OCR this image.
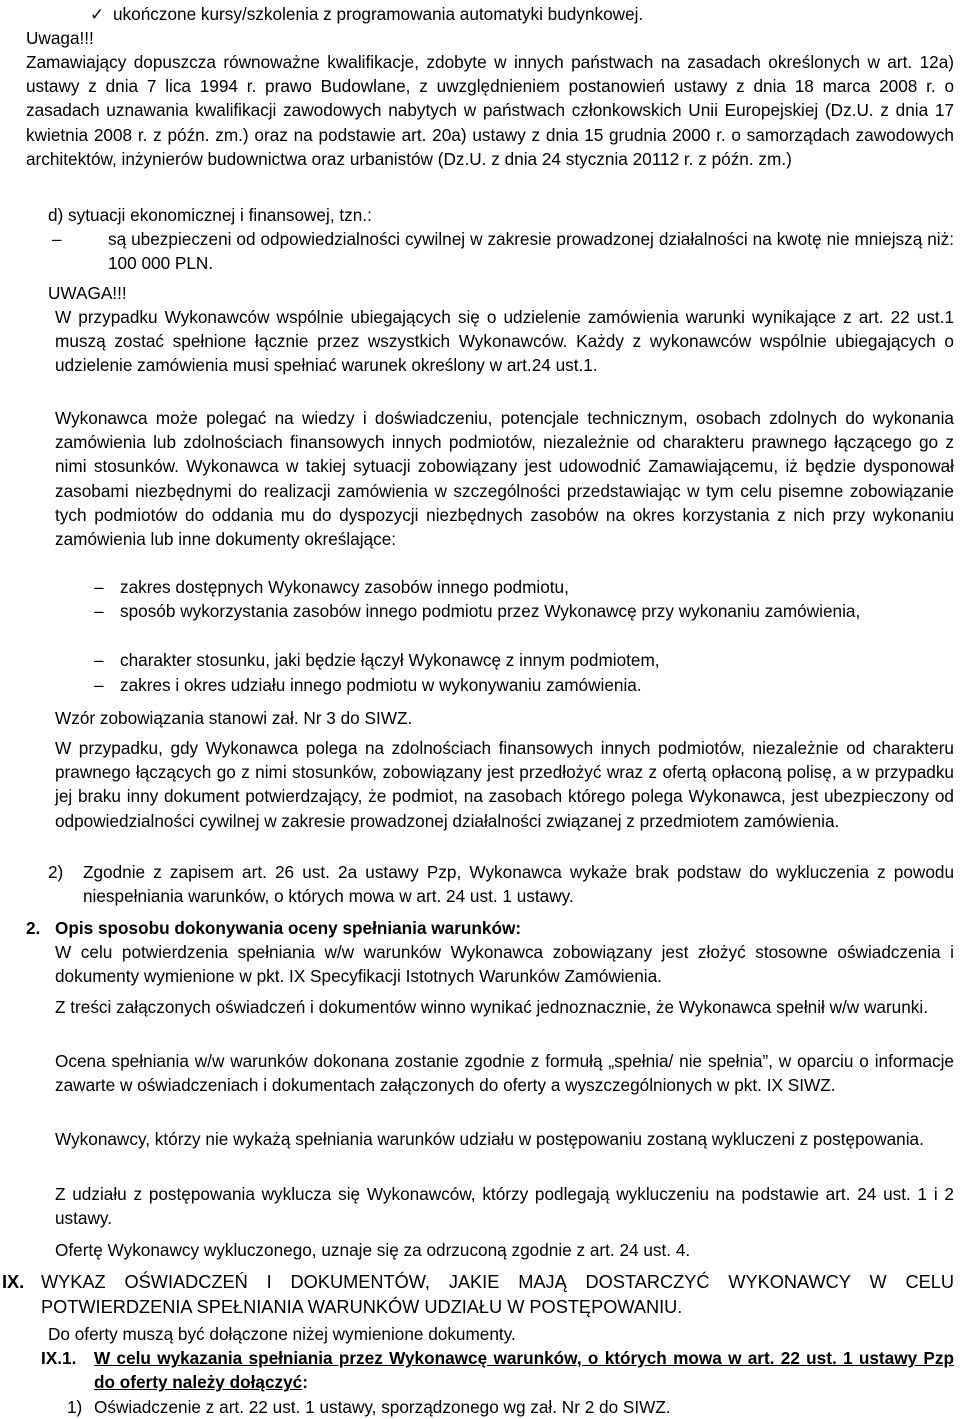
✓ ukończone kursy/szkolenia z programowania automatyki budynkowej.
Uwaga!!!
Zamawiający dopuszcza równoważne kwalifikacje, zdobyte w innych państwach na zasadach określonych w art. 12a) ustawy z dnia 7 lica 1994 r. prawo Budowlane, z uwzględnieniem postanowień ustawy z dnia 18 marca 2008 r. o zasadach uznawania kwalifikacji zawodowych nabytych w państwach członkowskich Unii Europejskiej (Dz.U. z dnia 17 kwietnia 2008 r. z późn. zm.) oraz na podstawie art. 20a) ustawy z dnia 15 grudnia 2000 r. o samorządach zawodowych architektów, inżynierów budownictwa oraz urbanistów (Dz.U. z dnia 24 stycznia 20112 r. z późn. zm.)
d) sytuacji ekonomicznej i finansowej, tzn.:
–	są ubezpieczeni od odpowiedzialności cywilnej w zakresie prowadzonej działalności na kwotę nie mniejszą niż: 100 000 PLN.
UWAGA!!!
W przypadku Wykonawców wspólnie ubiegających się o udzielenie zamówienia warunki wynikające z art. 22 ust.1 muszą zostać spełnione łącznie przez wszystkich Wykonawców. Każdy z wykonawców wspólnie ubiegających o udzielenie zamówienia musi spełniać warunek określony w art.24 ust.1.
Wykonawca może polegać na wiedzy i doświadczeniu, potencjale technicznym, osobach zdolnych do wykonania zamówienia lub zdolnościach finansowych innych podmiotów, niezależnie od charakteru prawnego łączącego go z nimi stosunków. Wykonawca w takiej sytuacji zobowiązany jest udowodnić Zamawiającemu, iż będzie dysponował zasobami niezbędnymi do realizacji zamówienia w szczególności przedstawiając w tym celu pisemne zobowiązanie tych podmiotów do oddania mu do dyspozycji niezbędnych zasobów na okres korzystania z nich przy wykonaniu zamówienia lub inne dokumenty określające:
– zakres dostępnych Wykonawcy zasobów innego podmiotu,
– sposób wykorzystania zasobów innego podmiotu przez Wykonawcę przy wykonaniu zamówienia,
– charakter stosunku, jaki będzie łączył Wykonawcę z innym podmiotem,
– zakres i okres udziału innego podmiotu w wykonywaniu zamówienia.
Wzór zobowiązania stanowi zał. Nr 3 do SIWZ.
W przypadku, gdy Wykonawca polega na zdolnościach finansowych innych podmiotów, niezależnie od charakteru prawnego łączących go z nimi stosunków, zobowiązany jest przedłożyć wraz z ofertą opłaconą polisę, a w przypadku jej braku inny dokument potwierdzający, że podmiot, na zasobach którego polega Wykonawca, jest ubezpieczony od odpowiedzialności cywilnej w zakresie prowadzonej działalności związanej z przedmiotem zamówienia.
2) Zgodnie z zapisem art. 26 ust. 2a ustawy Pzp, Wykonawca wykaże brak podstaw do wykluczenia z powodu niespełniania warunków, o których mowa w art. 24 ust. 1 ustawy.
2. Opis sposobu dokonywania oceny spełniania warunków:
W celu potwierdzenia spełniania w/w warunków Wykonawca zobowiązany jest złożyć stosowne oświadczenia i dokumenty wymienione w pkt. IX Specyfikacji Istotnych Warunków Zamówienia.
Z treści załączonych oświadczeń i dokumentów winno wynikać jednoznacznie, że Wykonawca spełnił w/w warunki.
Ocena spełniania w/w warunków dokonana zostanie zgodnie z formułą „spełnia/ nie spełnia”, w oparciu o informacje zawarte w oświadczeniach i dokumentach załączonych do oferty a wyszczególnionych w pkt. IX SIWZ.
Wykonawcy, którzy nie wykażą spełniania warunków udziału w postępowaniu zostaną wykluczeni z postępowania.
Z udziału z postępowania wyklucza się Wykonawców, którzy podlegają wykluczeniu na podstawie art. 24 ust. 1 i 2 ustawy.
Ofertę Wykonawcy wykluczonego, uznaje się za odrzuconą zgodnie z art. 24 ust. 4.
IX. WYKAZ OŚWIADCZEŃ I DOKUMENTÓW, JAKIE MAJĄ DOSTARCZYĆ WYKONAWCY W CELU POTWIERDZENIA SPEŁNIANIA WARUNKÓW UDZIAŁU W POSTĘPOWANIU.
Do oferty muszą być dołączone niżej wymienione dokumenty.
IX.1. W celu wykazania spełniania przez Wykonawcę warunków, o których mowa w art. 22 ust. 1 ustawy Pzp do oferty należy dołączyć:
1) Oświadczenie z art. 22 ust. 1 ustawy, sporządzonego wg zał. Nr 2 do SIWZ.
